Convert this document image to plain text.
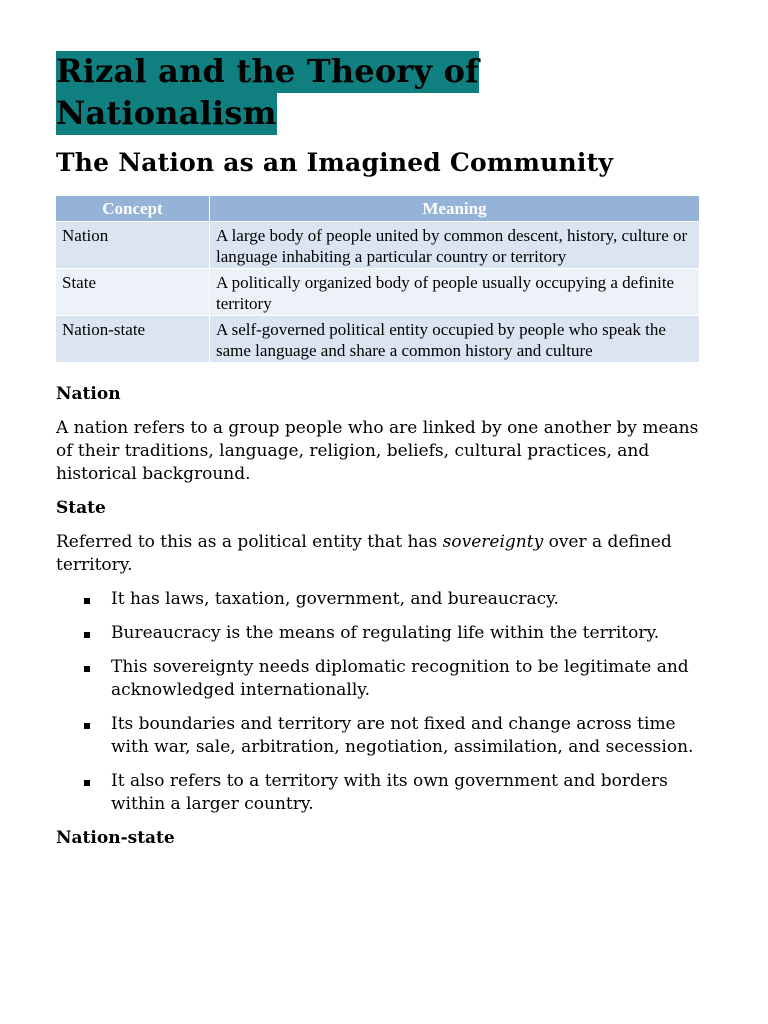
Rizal and the Theory of
Nationalism
The Nation as an Imagined Community
Concept	Meaning
Nation	A large body of people united by common descent, history, culture or language inhabiting a particular country or territory
State	A politically organized body of people usually occupying a definite territory
Nation-state	A self-governed political entity occupied by people who speak the same language and share a common history and culture

Nation

A nation refers to a group people who are linked by one another by means of their traditions, language, religion, beliefs, cultural practices, and historical background.

State

Referred to this as a political entity that has sovereignty over a defined territory.

It has laws, taxation, government, and bureaucracy.
Bureaucracy is the means of regulating life within the territory.
This sovereignty needs diplomatic recognition to be legitimate and acknowledged internationally.
Its boundaries and territory are not fixed and change across time with war, sale, arbitration, negotiation, assimilation, and secession.
It also refers to a territory with its own government and borders within a larger country.

Nation-state
